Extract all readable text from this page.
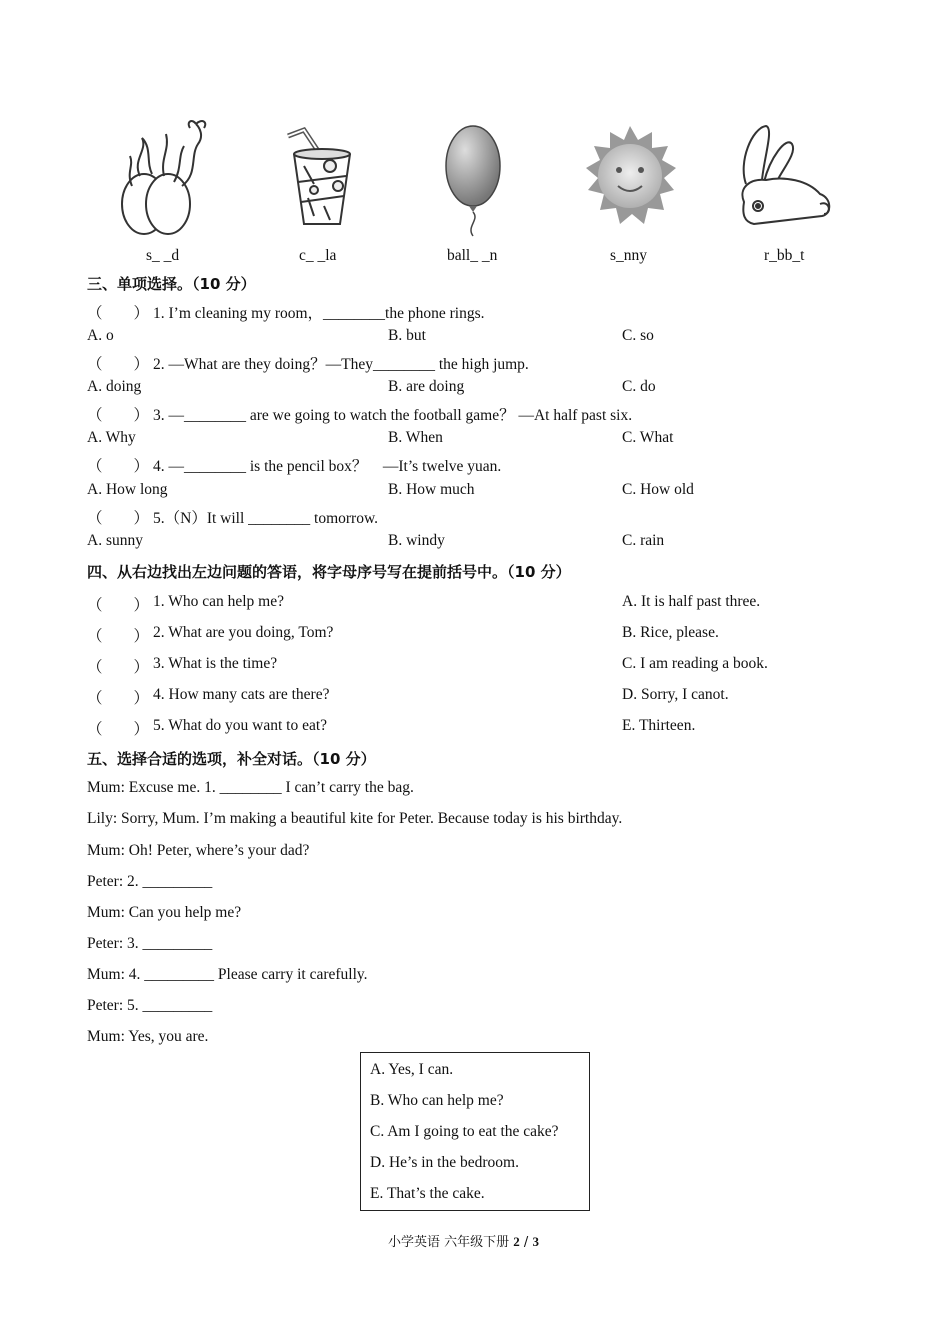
s_ _d	c_ _la	ball_ _n	s_nny	r_bb_t
三、单项选择。（10 分）
（　　） 1. I’m cleaning my room，________the phone rings.
A. o	B. but	C. so
（　　） 2. —What are they doing？—They________ the high jump.
A. doing	B. are doing	C. do
（　　） 3. —________ are we going to watch the football game？ —At half past six.
A. Why	B. When	C. What
（　　） 4. —________ is the pencil box？　—It’s twelve yuan.
A. How long	B. How much	C. How old
（　　） 5.（N）It will ________ tomorrow.
A. sunny	B. windy	C. rain
四、从右边找出左边问题的答语，将字母序号写在提前括号中。（10 分）
（　　） 1. Who can help me?	A. It is half past three.
（　　） 2. What are you doing, Tom?	B. Rice, please.
（　　） 3. What is the time?	C. I am reading a book.
（　　） 4. How many cats are there?	D. Sorry, I canot.
（　　） 5. What do you want to eat?	E. Thirteen.
五、选择合适的选项，补全对话。（10 分）
Mum: Excuse me. 1. ________ I can’t carry the bag.
Lily: Sorry, Mum. I’m making a beautiful kite for Peter. Because today is his birthday.
Mum: Oh! Peter, where’s your dad?
Peter: 2. _________
Mum: Can you help me?
Peter: 3. _________
Mum: 4. _________ Please carry it carefully.
Peter: 5. _________
Mum: Yes, you are.
A. Yes, I can.
B. Who can help me?
C. Am I going to eat the cake?
D. He’s in the bedroom.
E. That’s the cake.
小学英语 六年级下册 2 / 3
